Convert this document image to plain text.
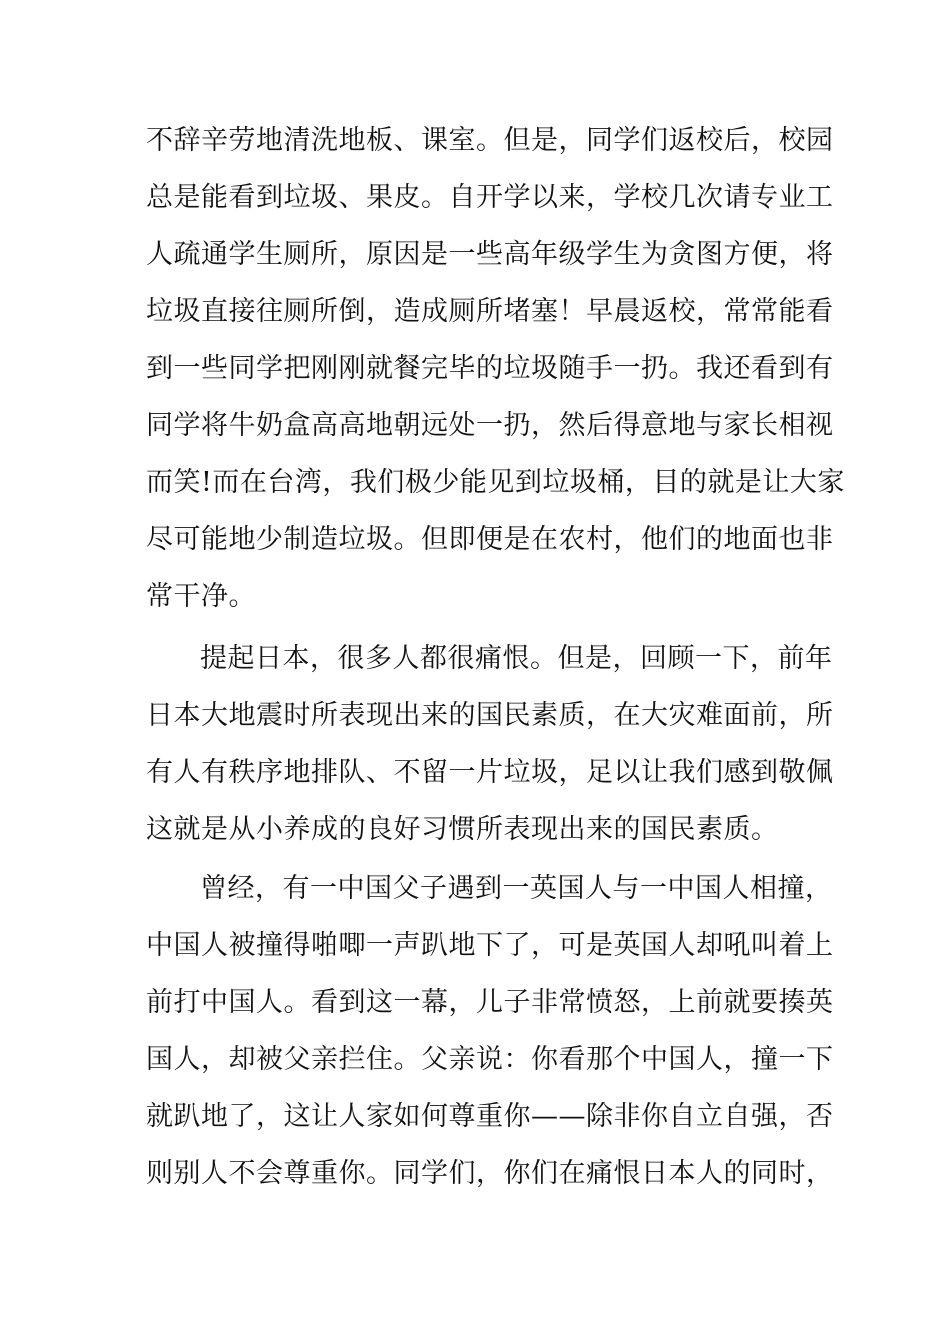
不辞辛劳地清洗地板、课室。但是，同学们返校后，校园
总是能看到垃圾、果皮。自开学以来，学校几次请专业工
人疏通学生厕所，原因是一些高年级学生为贪图方便，将
垃圾直接往厕所倒，造成厕所堵塞！早晨返校，常常能看
到一些同学把刚刚就餐完毕的垃圾随手一扔。我还看到有
同学将牛奶盒高高地朝远处一扔，然后得意地与家长相视
而笑!而在台湾，我们极少能见到垃圾桶，目的就是让大家
尽可能地少制造垃圾。但即便是在农村，他们的地面也非
常干净。
提起日本，很多人都很痛恨。但是，回顾一下，前年
日本大地震时所表现出来的国民素质，在大灾难面前，所
有人有秩序地排队、不留一片垃圾，足以让我们感到敬佩
这就是从小养成的良好习惯所表现出来的国民素质。
曾经，有一中国父子遇到一英国人与一中国人相撞，
中国人被撞得啪唧一声趴地下了，可是英国人却吼叫着上
前打中国人。看到这一幕，儿子非常愤怒，上前就要揍英
国人，却被父亲拦住。父亲说：你看那个中国人，撞一下
就趴地了，这让人家如何尊重你——除非你自立自强，否
则别人不会尊重你。同学们，你们在痛恨日本人的同时，
